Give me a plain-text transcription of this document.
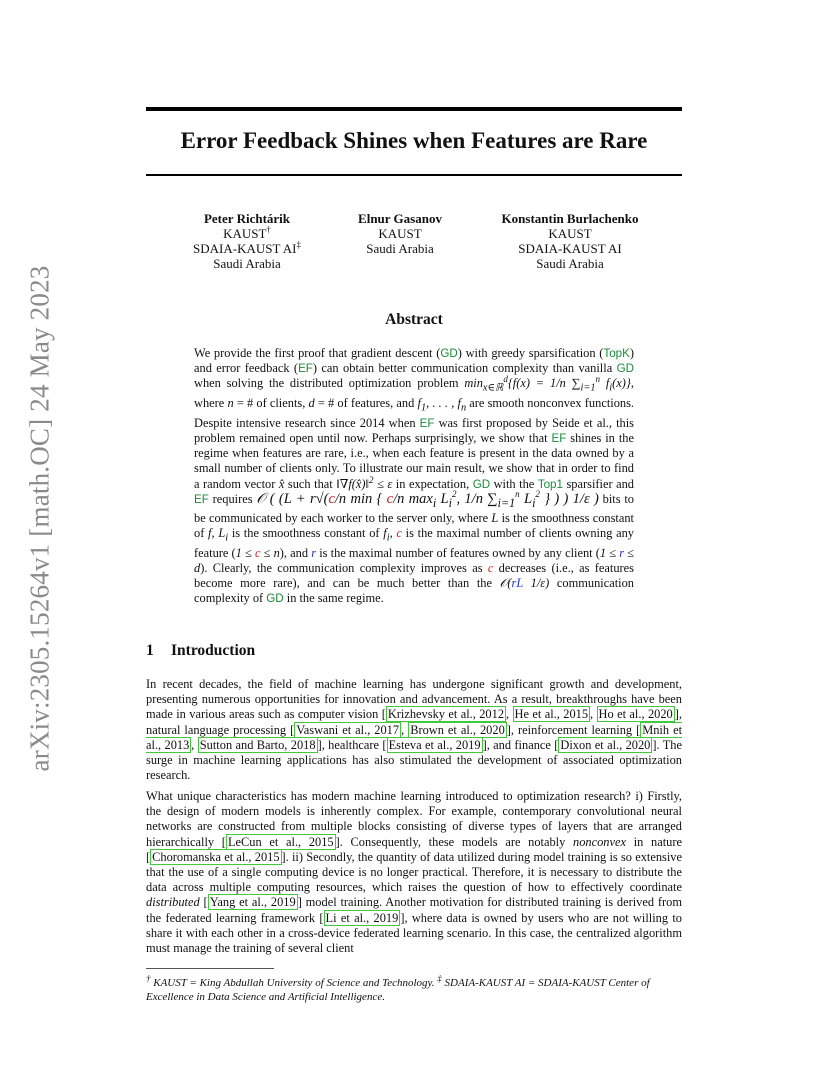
arXiv:2305.15264v1 [math.OC] 24 May 2023
Error Feedback Shines when Features are Rare
Peter Richtárik
KAUST†
SDAIA-KAUST AI‡
Saudi Arabia
Elnur Gasanov
KAUST
Saudi Arabia
Konstantin Burlachenko
KAUST
SDAIA-KAUST AI
Saudi Arabia
Abstract

We provide the first proof that gradient descent (GD) with greedy sparsification (TopK) and error feedback (EF) can obtain better communication complexity than vanilla GD when solving the distributed optimization problem $\min_{x\in ℝ}^d\{f(x) = 1/n$ $\sum_{i=1}^n$ $f_i(x)$}, where n = # of clients, d = # of features, and $f_1$, . . . , $f_n$ are smooth nonconvex functions. Despite intensive research since 2014 when EF was first proposed by Seide et al., this problem remained open until now. Perhaps surprisingly, we show that EF shines in the regime when features are rare, i.e., when each feature is present in the data owned by a small number of clients only. To illustrate our main result, we show that in order to find a random vector x̂ such that ‖∇f(x̂)‖$^2$ ≤ ε in expectation, GD with the Top1 sparsifier and EF requires 𝒪 ( (L + r√(c/n min { c/n $\max_i L_i^2$, 1/n $\sum_{i=1}^n$ $L_i^2$ } ) ) 1/ε ) bits to be communicated by each worker to the server only, where L is the smoothness constant of f, $L_i$ is the smoothness constant of $f_i$, c is the maximal number of clients owning any feature (1 ≤ c ≤ n), and r is the maximal number of features owned by any client (1 ≤ r ≤ d). Clearly, the communication complexity improves as c decreases (i.e., as features become more rare), and can be much better than the 𝒪(rL 1/ε) communication complexity of GD in the same regime.

1 Introduction

In recent decades, the field of machine learning has undergone significant growth and development, presenting numerous opportunities for innovation and advancement. As a result, breakthroughs have been made in various areas such as computer vision [ Krizhevsky et al., 2012 , He et al., 2015 , Ho et al., 2020 ], natural language processing [ Vaswani et al., 2017 , Brown et al., 2020 ], reinforcement learning [ Mnih et al., 2013 , Sutton and Barto, 2018 ], healthcare [ Esteva et al., 2019 ], and finance [ Dixon et al., 2020 ]. The surge in machine learning applications has also stimulated the development of associated optimization research.

What unique characteristics has modern machine learning introduced to optimization research? i) Firstly, the design of modern models is inherently complex. For example, contemporary convolutional neural networks are constructed from multiple blocks consisting of diverse types of layers that are arranged hierarchically [ LeCun et al., 2015 ]. Consequently, these models are notably nonconvex in nature [ Choromanska et al., 2015 ]. ii) Secondly, the quantity of data utilized during model training is so extensive that the use of a single computing device is no longer practical. Therefore, it is necessary to distribute the data across multiple computing resources, which raises the question of how to effectively coordinate distributed [ Yang et al., 2019 ] model training. Another motivation for distributed training is derived from the federated learning framework [ Li et al., 2019 ], where data is owned by users who are not willing to share it with each other in a cross-device federated learning scenario. In this case, the centralized algorithm must manage the training of several client

† KAUST = King Abdullah University of Science and Technology. ‡ SDAIA-KAUST AI = SDAIA-KAUST Center of Excellence in Data Science and Artificial Intelligence.
